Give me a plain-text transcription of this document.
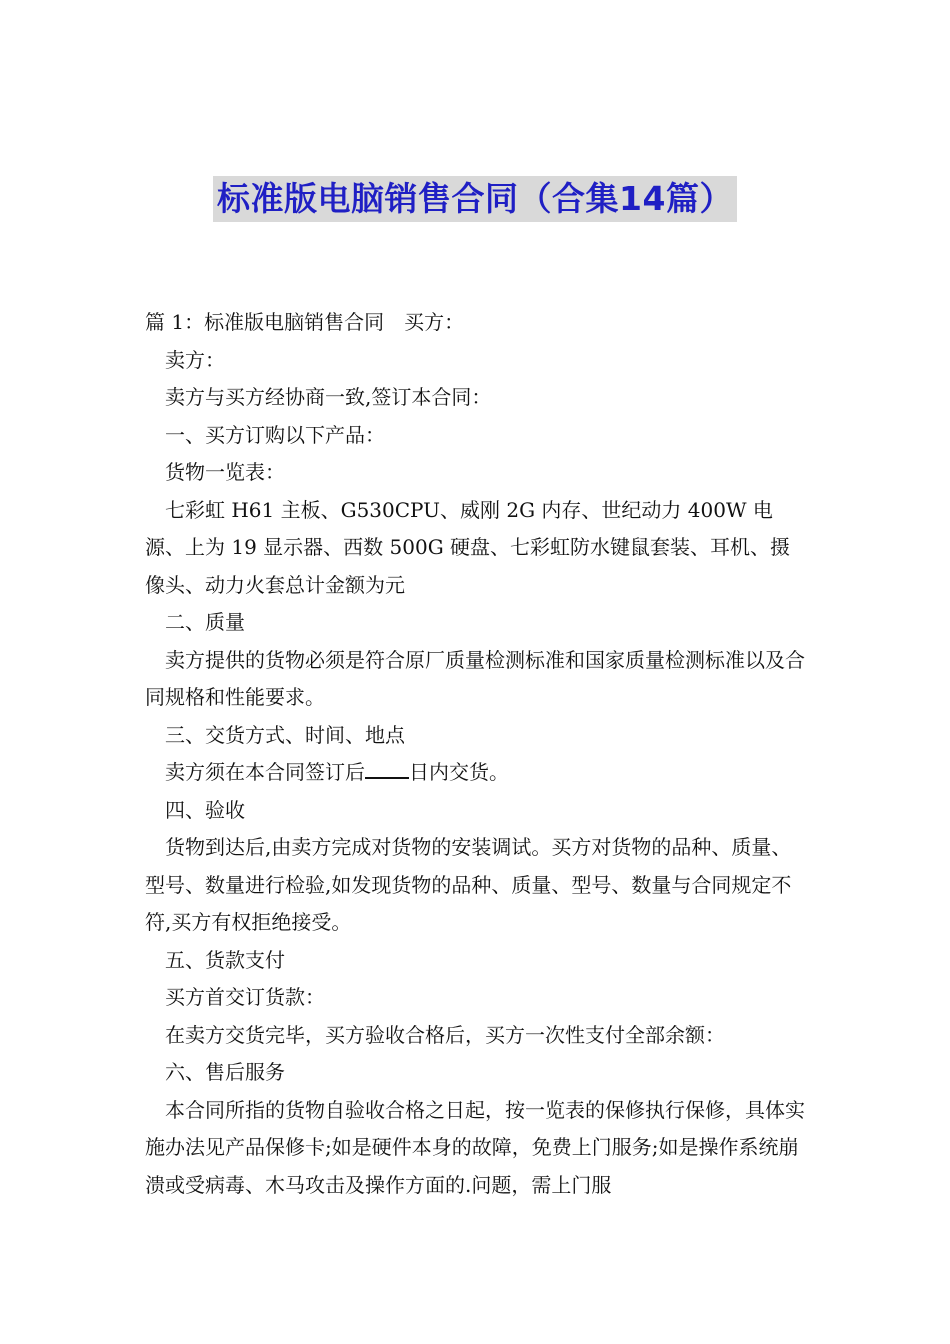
标准版电脑销售合同（合集14篇）

篇 1：标准版电脑销售合同　买方：

卖方：

卖方与买方经协商一致,签订本合同：

一、买方订购以下产品：

货物一览表：

七彩虹 H61 主板、G530CPU、威刚 2G 内存、世纪动力 400W 电源、上为 19 显示器、西数 500G 硬盘、七彩虹防水键鼠套装、耳机、摄像头、动力火套总计金额为元

二、质量

卖方提供的货物必须是符合原厂质量检测标准和国家质量检测标准以及合同规格和性能要求。

三、交货方式、时间、地点

卖方须在本合同签订后 日内交货。

四、验收

货物到达后,由卖方完成对货物的安装调试。买方对货物的品种、质量、型号、数量进行检验,如发现货物的品种、质量、型号、数量与合同规定不符,买方有权拒绝接受。

五、货款支付

买方首交订货款：

在卖方交货完毕，买方验收合格后，买方一次性支付全部余额：

六、售后服务

本合同所指的货物自验收合格之日起，按一览表的保修执行保修，具体实施办法见产品保修卡;如是硬件本身的故障，免费上门服务;如是操作系统崩溃或受病毒、木马攻击及操作方面的.问题，需上门服
